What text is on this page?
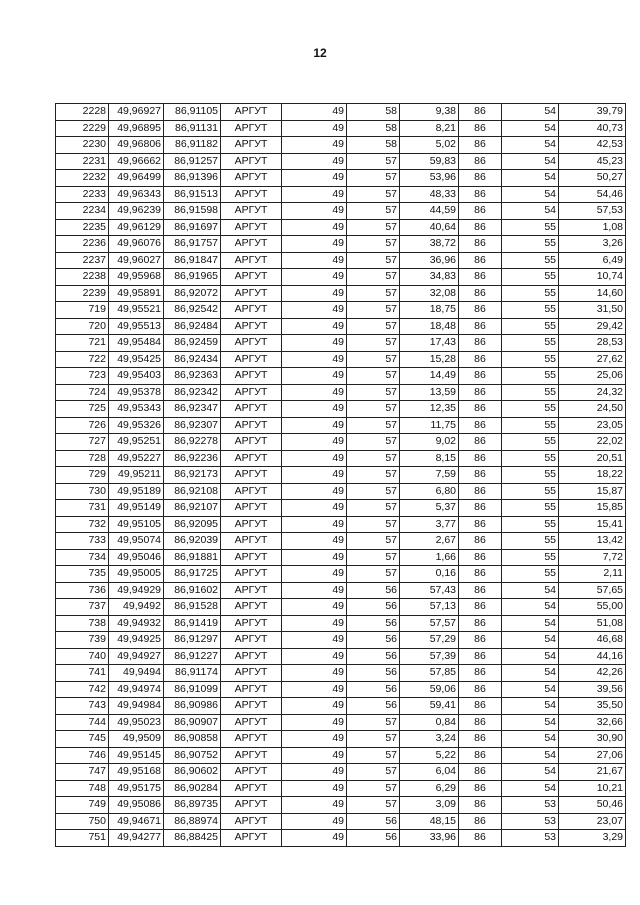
12
2228	49,96927	86,91105	АРГУТ	49	58	9,38	86	54	39,79
2229	49,96895	86,91131	АРГУТ	49	58	8,21	86	54	40,73
2230	49,96806	86,91182	АРГУТ	49	58	5,02	86	54	42,53
2231	49,96662	86,91257	АРГУТ	49	57	59,83	86	54	45,23
2232	49,96499	86,91396	АРГУТ	49	57	53,96	86	54	50,27
2233	49,96343	86,91513	АРГУТ	49	57	48,33	86	54	54,46
2234	49,96239	86,91598	АРГУТ	49	57	44,59	86	54	57,53
2235	49,96129	86,91697	АРГУТ	49	57	40,64	86	55	1,08
2236	49,96076	86,91757	АРГУТ	49	57	38,72	86	55	3,26
2237	49,96027	86,91847	АРГУТ	49	57	36,96	86	55	6,49
2238	49,95968	86,91965	АРГУТ	49	57	34,83	86	55	10,74
2239	49,95891	86,92072	АРГУТ	49	57	32,08	86	55	14,60
719	49,95521	86,92542	АРГУТ	49	57	18,75	86	55	31,50
720	49,95513	86,92484	АРГУТ	49	57	18,48	86	55	29,42
721	49,95484	86,92459	АРГУТ	49	57	17,43	86	55	28,53
722	49,95425	86,92434	АРГУТ	49	57	15,28	86	55	27,62
723	49,95403	86,92363	АРГУТ	49	57	14,49	86	55	25,06
724	49,95378	86,92342	АРГУТ	49	57	13,59	86	55	24,32
725	49,95343	86,92347	АРГУТ	49	57	12,35	86	55	24,50
726	49,95326	86,92307	АРГУТ	49	57	11,75	86	55	23,05
727	49,95251	86,92278	АРГУТ	49	57	9,02	86	55	22,02
728	49,95227	86,92236	АРГУТ	49	57	8,15	86	55	20,51
729	49,95211	86,92173	АРГУТ	49	57	7,59	86	55	18,22
730	49,95189	86,92108	АРГУТ	49	57	6,80	86	55	15,87
731	49,95149	86,92107	АРГУТ	49	57	5,37	86	55	15,85
732	49,95105	86,92095	АРГУТ	49	57	3,77	86	55	15,41
733	49,95074	86,92039	АРГУТ	49	57	2,67	86	55	13,42
734	49,95046	86,91881	АРГУТ	49	57	1,66	86	55	7,72
735	49,95005	86,91725	АРГУТ	49	57	0,16	86	55	2,11
736	49,94929	86,91602	АРГУТ	49	56	57,43	86	54	57,65
737	49,9492	86,91528	АРГУТ	49	56	57,13	86	54	55,00
738	49,94932	86,91419	АРГУТ	49	56	57,57	86	54	51,08
739	49,94925	86,91297	АРГУТ	49	56	57,29	86	54	46,68
740	49,94927	86,91227	АРГУТ	49	56	57,39	86	54	44,16
741	49,9494	86,91174	АРГУТ	49	56	57,85	86	54	42,26
742	49,94974	86,91099	АРГУТ	49	56	59,06	86	54	39,56
743	49,94984	86,90986	АРГУТ	49	56	59,41	86	54	35,50
744	49,95023	86,90907	АРГУТ	49	57	0,84	86	54	32,66
745	49,9509	86,90858	АРГУТ	49	57	3,24	86	54	30,90
746	49,95145	86,90752	АРГУТ	49	57	5,22	86	54	27,06
747	49,95168	86,90602	АРГУТ	49	57	6,04	86	54	21,67
748	49,95175	86,90284	АРГУТ	49	57	6,29	86	54	10,21
749	49,95086	86,89735	АРГУТ	49	57	3,09	86	53	50,46
750	49,94671	86,88974	АРГУТ	49	56	48,15	86	53	23,07
751	49,94277	86,88425	АРГУТ	49	56	33,96	86	53	3,29
